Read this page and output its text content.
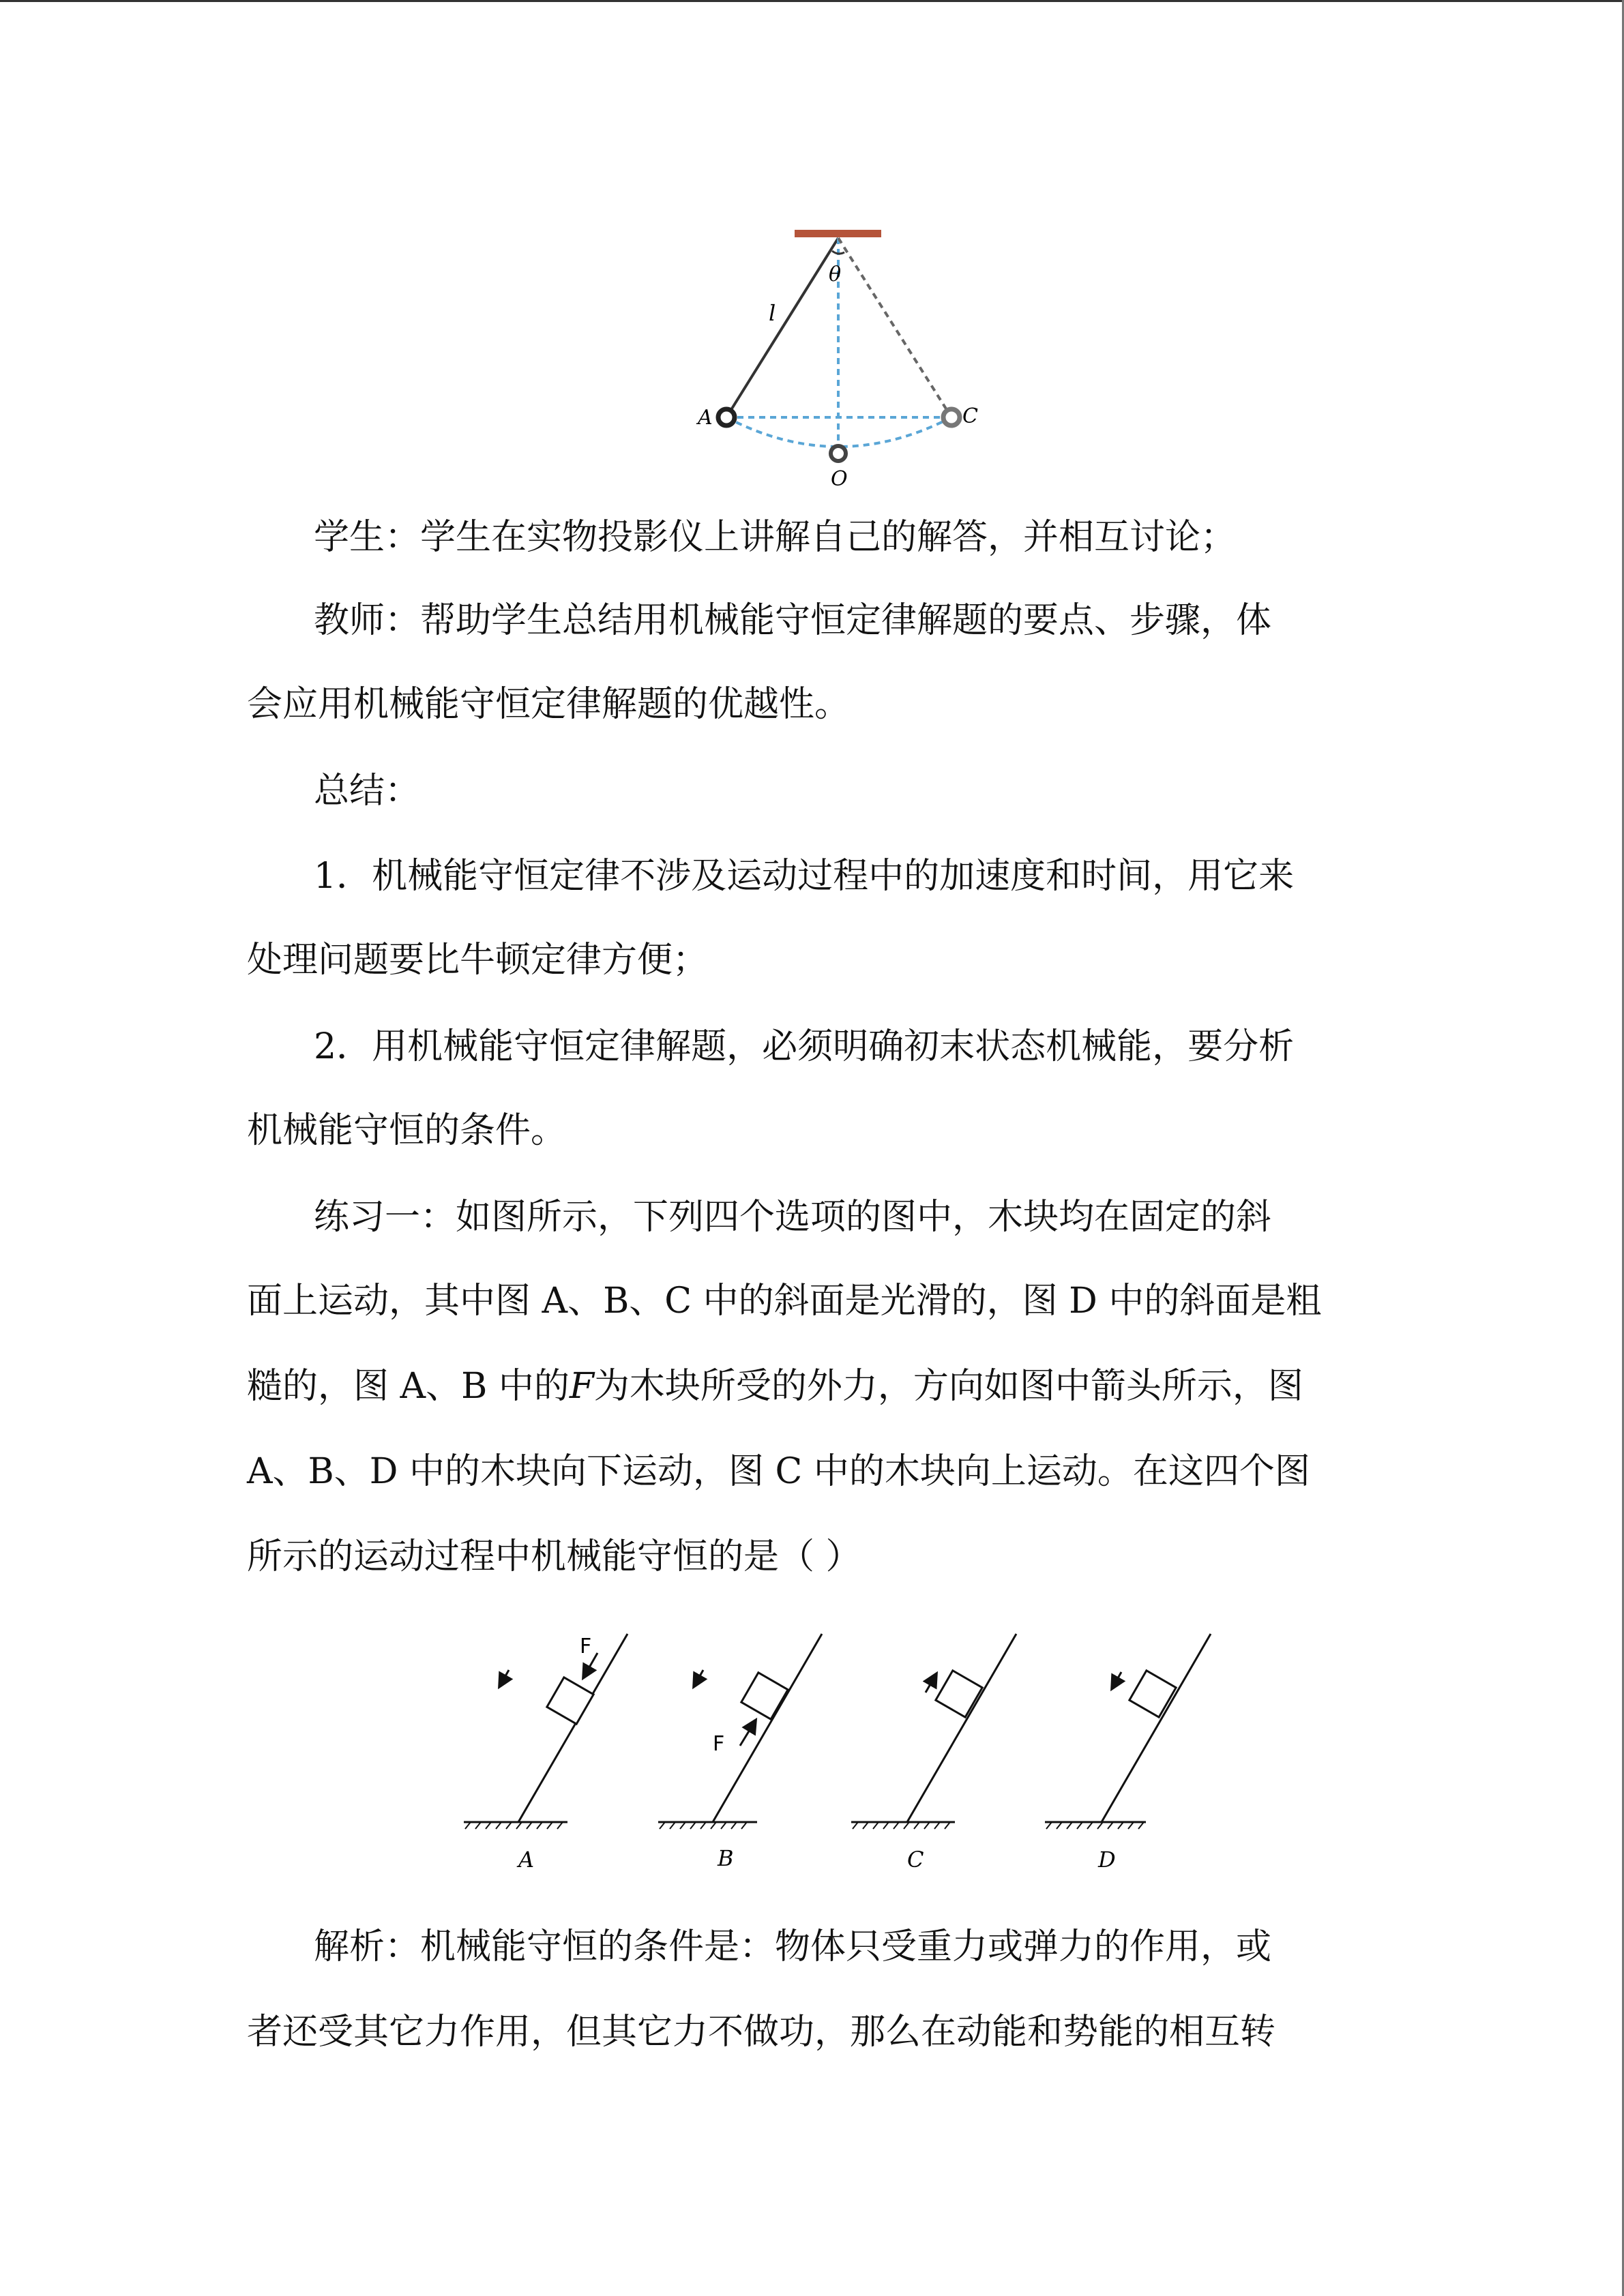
l
θ
A	C
O
学生：学生在实物投影仪上讲解自己的解答，并相互讨论；
教师：帮助学生总结用机械能守恒定律解题的要点、步骤，体
会应用机械能守恒定律解题的优越性。
总结：
1．机械能守恒定律不涉及运动过程中的加速度和时间，用它来
处理问题要比牛顿定律方便；
2．用机械能守恒定律解题，必须明确初末状态机械能，要分析
机械能守恒的条件。
练习一：如图所示，下列四个选项的图中，木块均在固定的斜
面上运动，其中图 A、B、C 中的斜面是光滑的，图 D 中的斜面是粗
糙的，图 A、B 中的F为木块所受的外力，方向如图中箭头所示，图
A、B、D 中的木块向下运动，图 C 中的木块向上运动。在这四个图
所示的运动过程中机械能守恒的是（ ）
F
A
F
B	C	D
解析：机械能守恒的条件是：物体只受重力或弹力的作用，或
者还受其它力作用，但其它力不做功，那么在动能和势能的相互转
